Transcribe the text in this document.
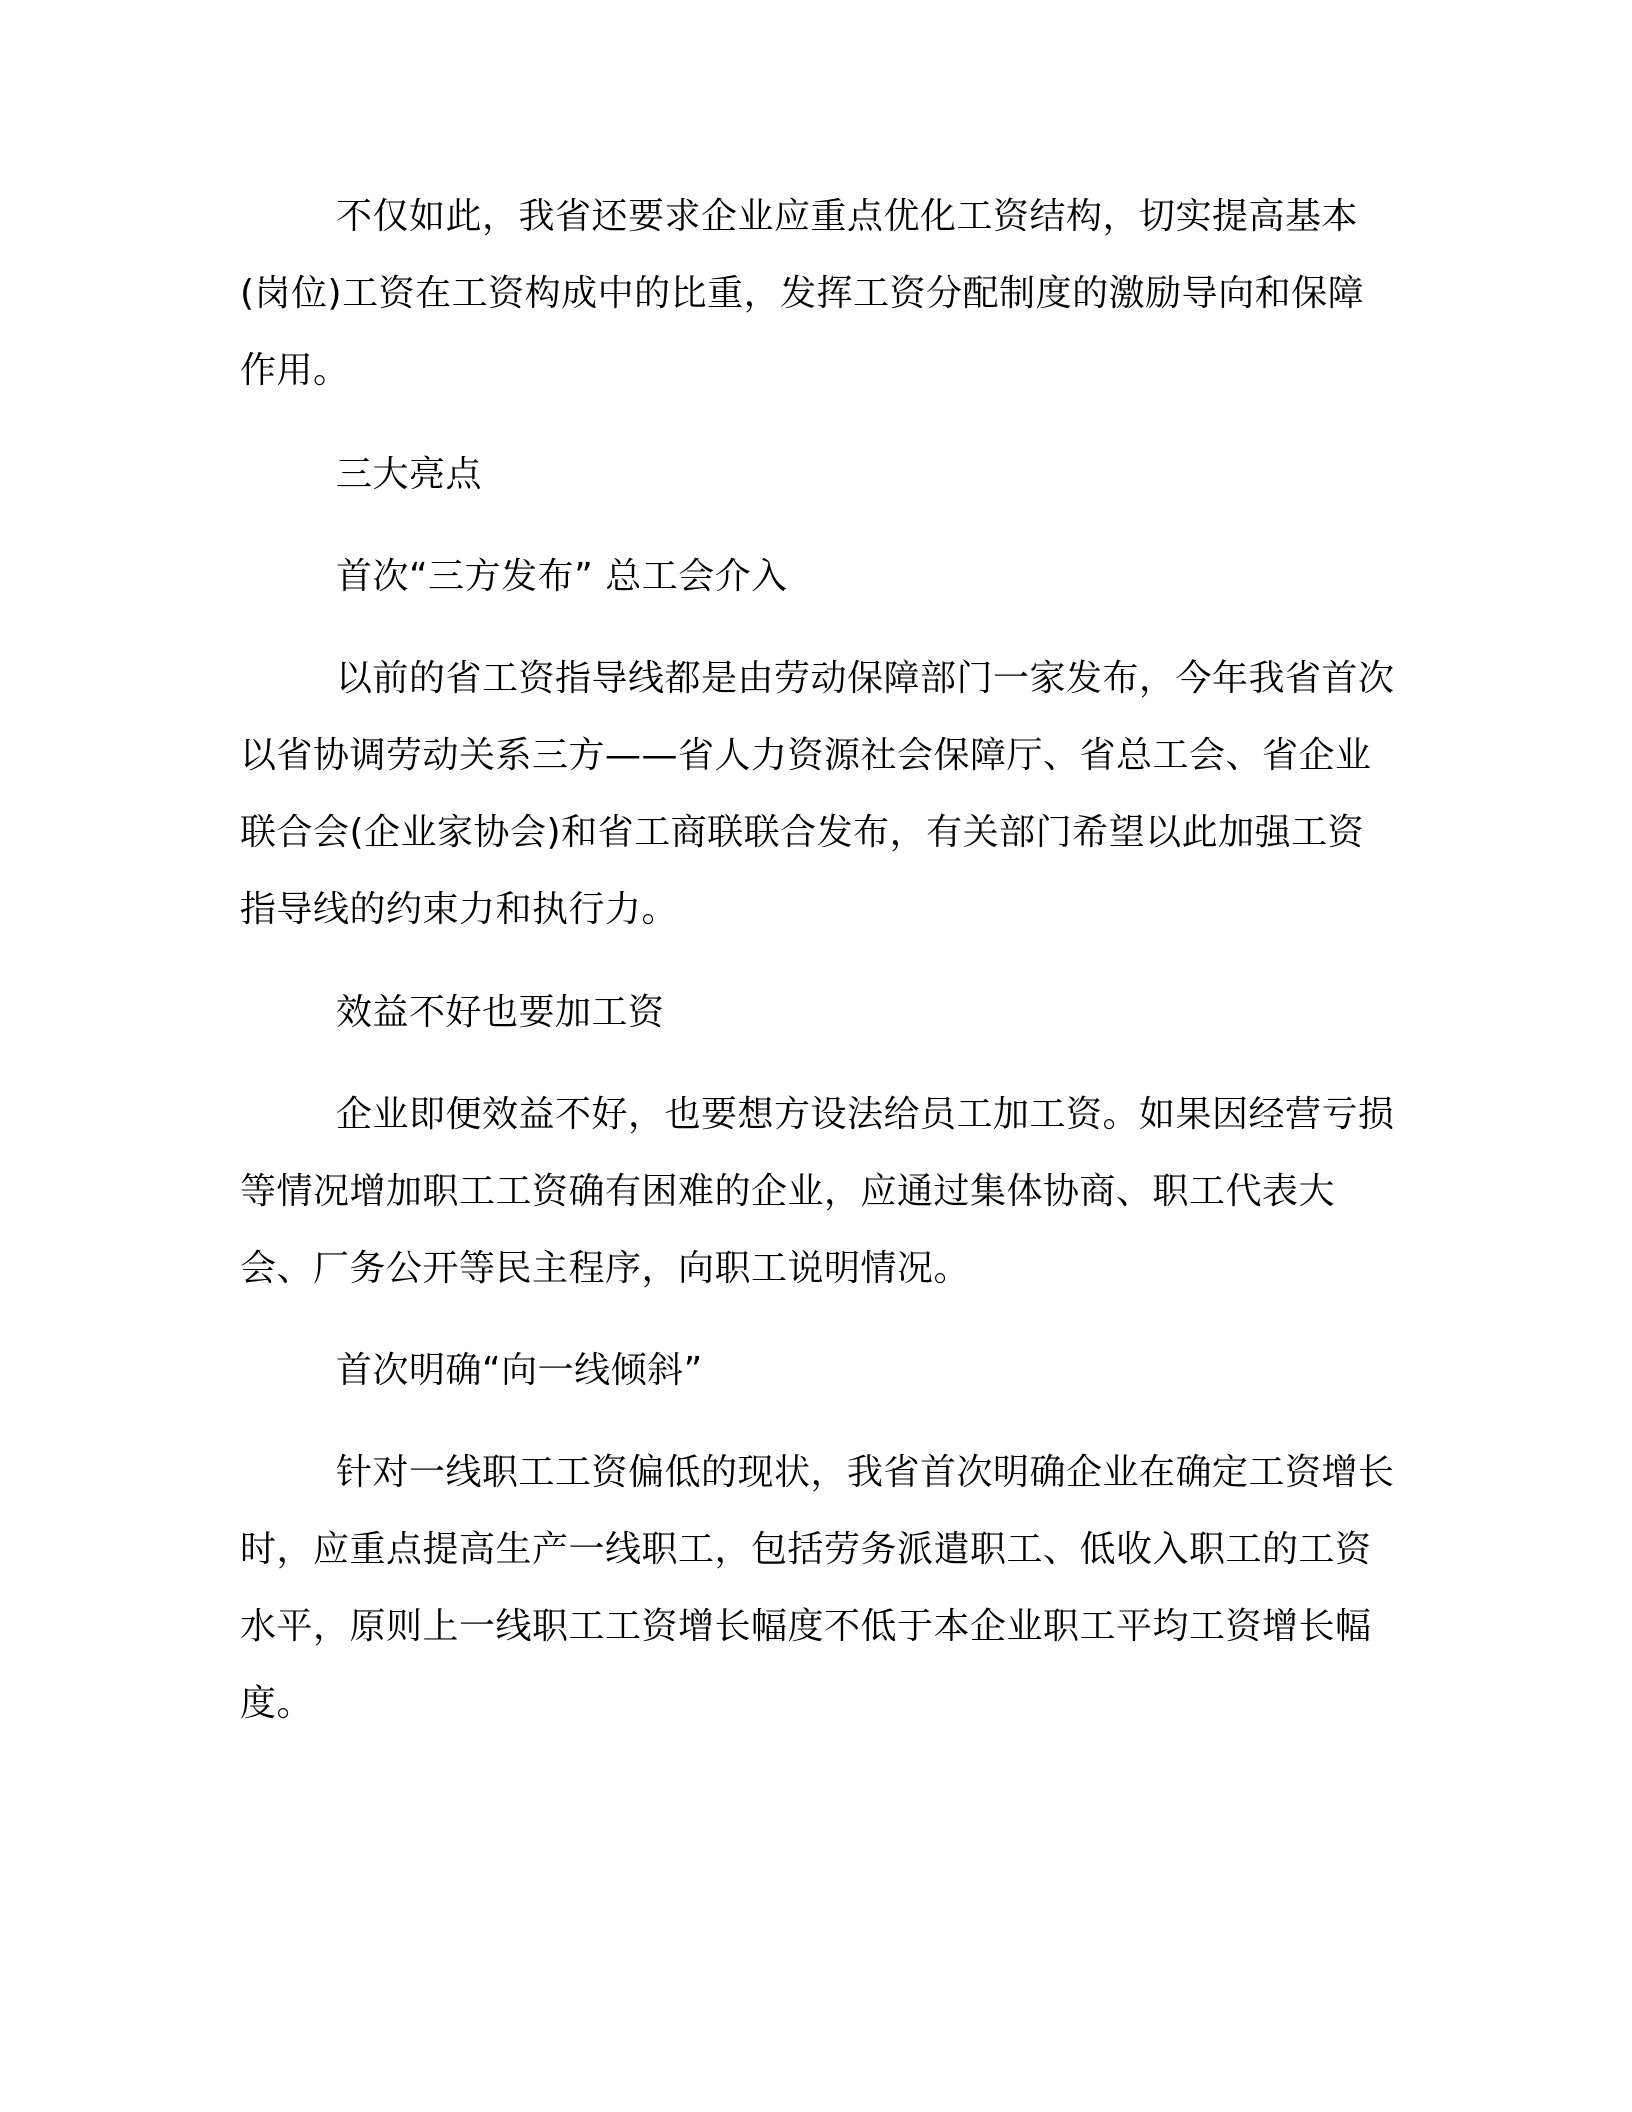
不仅如此，我省还要求企业应重点优化工资结构，切实提高基本(岗位)工资在工资构成中的比重，发挥工资分配制度的激励导向和保障作用。

三大亮点

首次“三方发布” 总工会介入

以前的省工资指导线都是由劳动保障部门一家发布，今年我省首次以省协调劳动关系三方——省人力资源社会保障厅、省总工会、省企业联合会(企业家协会)和省工商联联合发布，有关部门希望以此加强工资指导线的约束力和执行力。

效益不好也要加工资

企业即便效益不好，也要想方设法给员工加工资。如果因经营亏损等情况增加职工工资确有困难的企业，应通过集体协商、职工代表大会、厂务公开等民主程序，向职工说明情况。

首次明确“向一线倾斜”

针对一线职工工资偏低的现状，我省首次明确企业在确定工资增长时，应重点提高生产一线职工，包括劳务派遣职工、低收入职工的工资水平，原则上一线职工工资增长幅度不低于本企业职工平均工资增长幅度。
